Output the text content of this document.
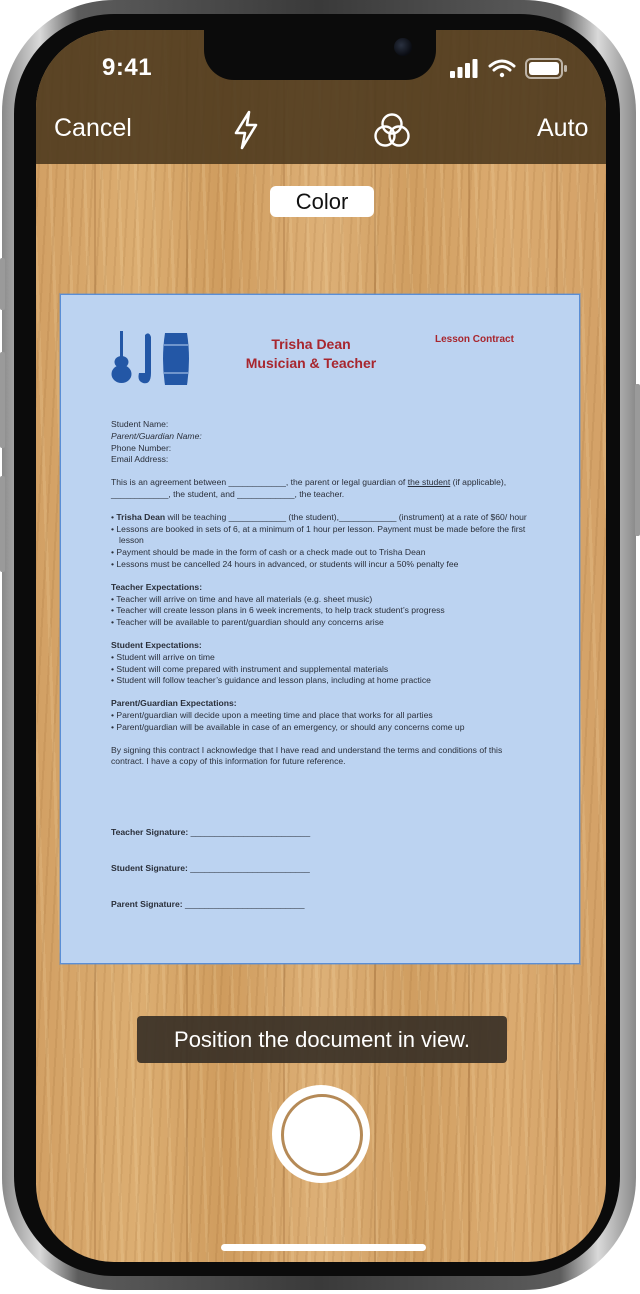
9:41
Cancel	Auto
Color
Trisha Dean
Musician & Teacher
Lesson Contract

Student Name:

Parent/Guardian Name:

Phone Number:

Email Address:

This is an agreement between ____________, the parent or legal guardian of the student (if applicable), ____________, the student, and ____________, the teacher.

• Trisha Dean will be teaching ____________ (the student),____________ (instrument) at a rate of $60/ hour

• Lessons are booked in sets of 6, at a minimum of 1 hour per lesson. Payment must be made before the first lesson

• Payment should be made in the form of cash or a check made out to Trisha Dean

• Lessons must be cancelled 24 hours in advanced, or students will incur a 50% penalty fee

Teacher Expectations:

• Teacher will arrive on time and have all materials (e.g. sheet music)

• Teacher will create lesson plans in 6 week increments, to help track student’s progress

• Teacher will be available to parent/guardian should any concerns arise

Student Expectations:

• Student will arrive on time

• Student will come prepared with instrument and supplemental materials

• Student will follow teacher’s guidance and lesson plans, including at home practice

Parent/Guardian Expectations:

• Parent/guardian will decide upon a meeting time and place that works for all parties

• Parent/guardian will be available in case of an emergency, or should any concerns come up

By signing this contract I acknowledge that I have read and understand the terms and conditions of this contract. I have a copy of this information for future reference.

Teacher Signature: _________________________
Student Signature: _________________________
Parent Signature: _________________________
Position the document in view.
